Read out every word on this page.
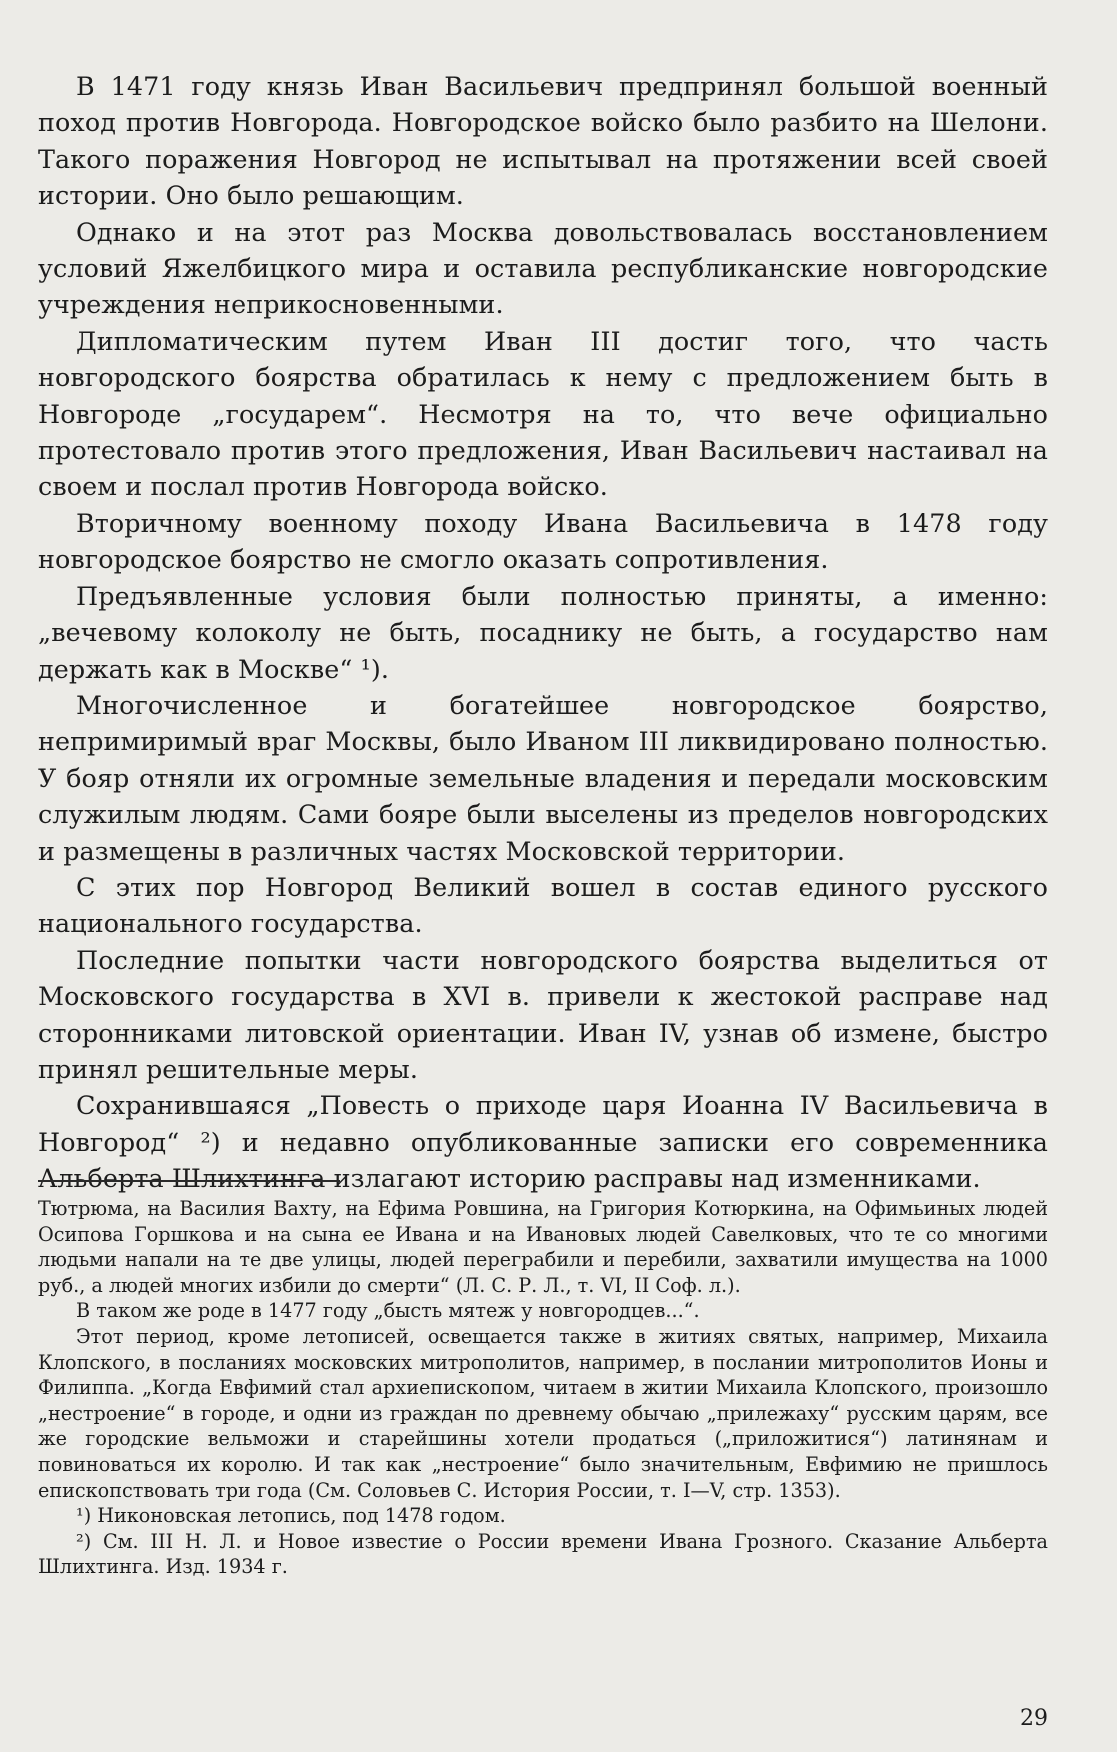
В 1471 году князь Иван Васильевич предпринял большой военный поход против Новгорода. Новгородское войско было разбито на Шелони. Такого поражения Новгород не испытывал на протяжении всей своей истории. Оно было решающим.

Однако и на этот раз Москва довольствовалась восстановлением условий Яжелбицкого мира и оставила республиканские новгородские учреждения неприкосновенными.

Дипломатическим путем Иван III достиг того, что часть новгородского боярства обратилась к нему с предложением быть в Новгороде „государем“. Несмотря на то, что вече официально протестовало против этого предложения, Иван Васильевич настаивал на своем и послал против Новгорода войско.

Вторичному военному походу Ивана Васильевича в 1478 году новгородское боярство не смогло оказать сопротивления.

Предъявленные условия были полностью приняты, а именно: „вечевому колоколу не быть, посаднику не быть, а государство нам держать как в Москве“ ¹).

Многочисленное и богатейшее новгородское боярство, непримиримый враг Москвы, было Иваном III ликвидировано полностью. У бояр отняли их огромные земельные владения и передали московским служилым людям. Сами бояре были выселены из пределов новгородских и размещены в различных частях Московской территории.

С этих пор Новгород Великий вошел в состав единого русского национального государства.

Последние попытки части новгородского боярства выделиться от Московского государства в XVI в. привели к жестокой расправе над сторонниками литовской ориентации. Иван IV, узнав об измене, быстро принял решительные меры.

Сохранившаяся „Повесть о приходе царя Иоанна IV Васильевича в Новгород“ ²) и недавно опубликованные записки его современника Альберта Шлихтинга излагают историю расправы над изменниками.

Тютрюма, на Василия Вахту, на Ефима Ровшина, на Григория Котюркина, на Офимьиных людей Осипова Горшкова и на сына ее Ивана и на Ивановых людей Савелковых, что те со многими людьми напали на те две улицы, людей переграбили и перебили, захватили имущества на 1000 руб., а людей многих избили до смерти“ (Л. С. Р. Л., т. VI, II Соф. л.).

В таком же роде в 1477 году „бысть мятеж у новгородцев...“.

Этот период, кроме летописей, освещается также в житиях святых, например, Михаила Клопского, в посланиях московских митрополитов, например, в послании митрополитов Ионы и Филиппа. „Когда Евфимий стал архиепископом, читаем в житии Михаила Клопского, произошло „нестроение“ в городе, и одни из граждан по древнему обычаю „прилежаху“ русским царям, все же городские вельможи и старейшины хотели продаться („приложитися“) латинянам и повиноваться их королю. И так как „нестроение“ было значительным, Евфимию не пришлось епископствовать три года (См. Соловьев С. История России, т. I—V, стр. 1353).

¹) Никоновская летопись, под 1478 годом.

²) См. III Н. Л. и Новое известие о России времени Ивана Грозного. Сказание Альберта Шлихтинга. Изд. 1934 г.

29
